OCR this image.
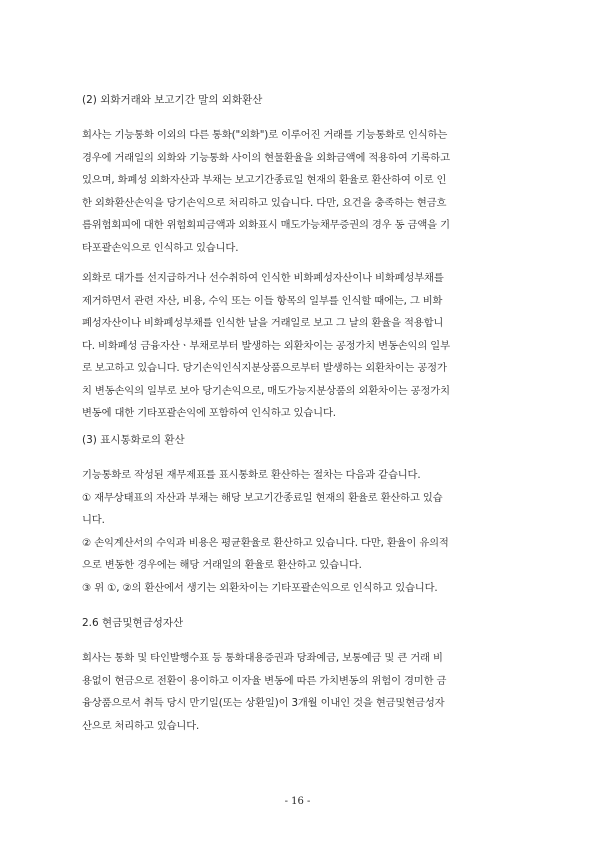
(2) 외화거래와 보고기간 말의 외화환산
회사는 기능통화 이외의 다른 통화("외화")로 이루어진 거래를 기능통화로 인식하는
경우에 거래일의 외화와 기능통화 사이의 현물환율을 외화금액에 적용하여 기록하고
있으며, 화폐성 외화자산과 부채는 보고기간종료일 현재의 환율로 환산하여 이로 인
한 외화환산손익을 당기손익으로 처리하고 있습니다. 다만, 요건을 충족하는 현금흐
름위험회피에 대한 위험회피금액과 외화표시 매도가능채무증권의 경우 동 금액을 기
타포괄손익으로 인식하고 있습니다.
외화로 대가를 선지급하거나 선수취하여 인식한 비화폐성자산이나 비화폐성부채를
제거하면서 관련 자산, 비용, 수익 또는 이들 항목의 일부를 인식할 때에는, 그 비화
폐성자산이나 비화폐성부채를 인식한 날을 거래일로 보고 그 날의 환율을 적용합니
다. 비화폐성 금융자산ㆍ부채로부터 발생하는 외환차이는 공정가치 변동손익의 일부
로 보고하고 있습니다. 당기손익인식지분상품으로부터 발생하는 외환차이는 공정가
치 변동손익의 일부로 보아 당기손익으로, 매도가능지분상품의 외환차이는 공정가치
변동에 대한 기타포괄손익에 포함하여 인식하고 있습니다.
(3) 표시통화로의 환산
기능통화로 작성된 재무제표를 표시통화로 환산하는 절차는 다음과 같습니다.
① 재무상태표의 자산과 부채는 해당 보고기간종료일 현재의 환율로 환산하고 있습
니다.
② 손익계산서의 수익과 비용은 평균환율로 환산하고 있습니다. 다만, 환율이 유의적
으로 변동한 경우에는 해당 거래일의 환율로 환산하고 있습니다.
③ 위 ①, ②의 환산에서 생기는 외환차이는 기타포괄손익으로 인식하고 있습니다.
2.6 현금및현금성자산
회사는 통화 및 타인발행수표 등 통화대용증권과 당좌예금, 보통예금 및 큰 거래 비
용없이 현금으로 전환이 용이하고 이자율 변동에 따른 가치변동의 위험이 경미한 금
융상품으로서 취득 당시 만기일(또는 상환일)이 3개월 이내인 것을 현금및현금성자
산으로 처리하고 있습니다.
- 16 -
